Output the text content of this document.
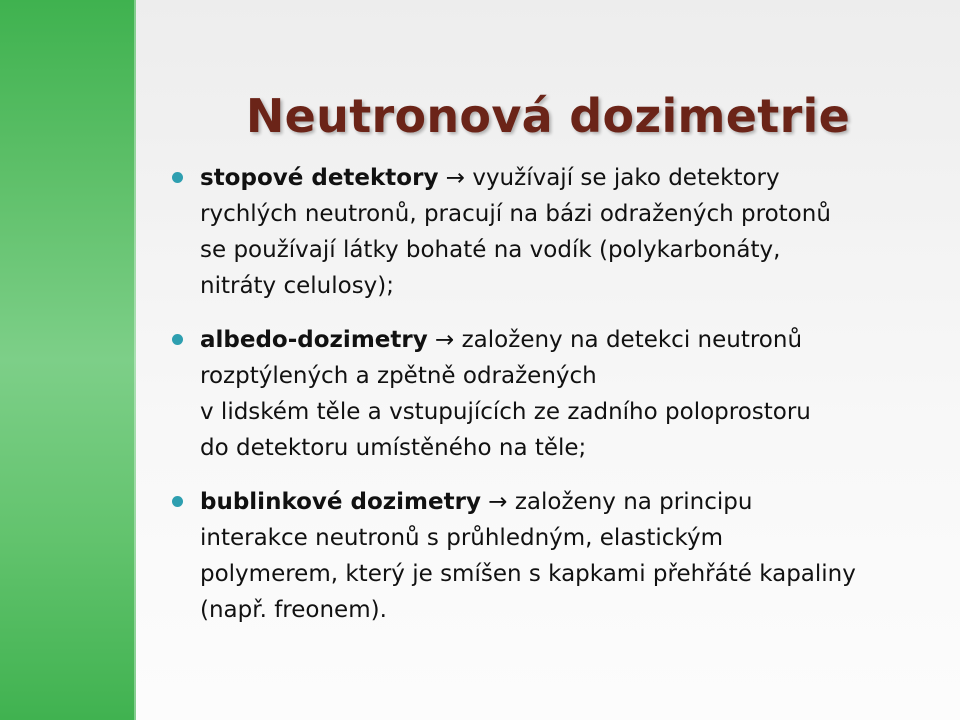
Neutronová dozimetrie
stopové detektory → využívají se jako detektory
rychlých neutronů, pracují na bázi odražených protonů
se používají látky bohaté na vodík (polykarbonáty,
nitráty celulosy);
albedo-dozimetry → založeny na detekci neutronů
rozptýlených a zpětně odražených
v lidském těle a vstupujících ze zadního poloprostoru
do detektoru umístěného na těle;
bublinkové dozimetry → založeny na principu
interakce neutronů s průhledným, elastickým
polymerem, který je smíšen s kapkami přehřáté kapaliny
(např. freonem).
